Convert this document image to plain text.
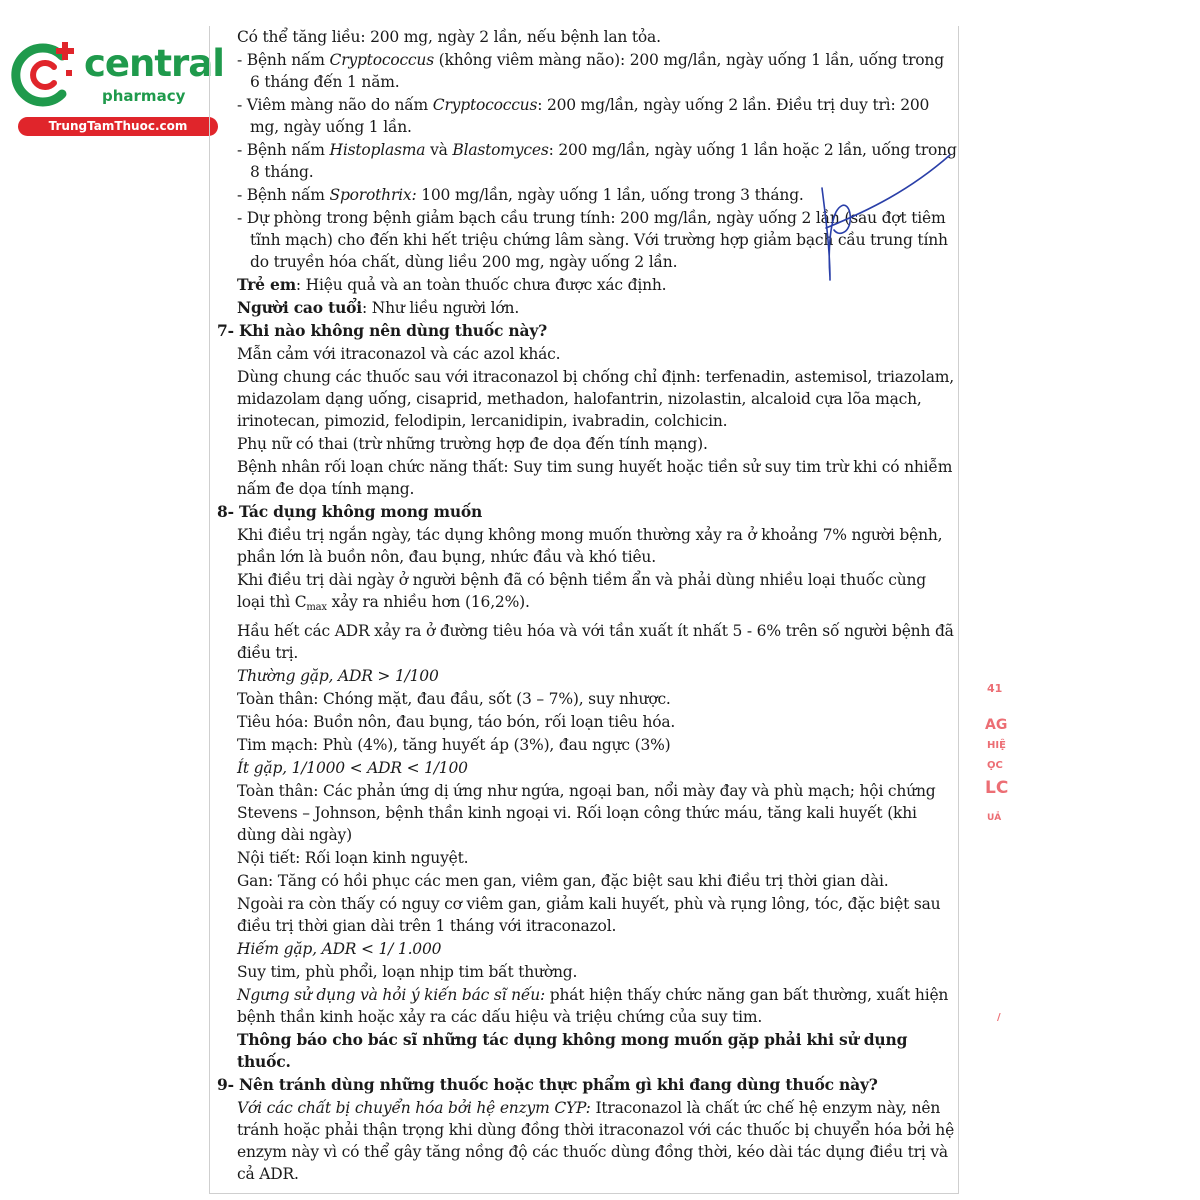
central
pharmacy
TrungTamThuoc.com
Có thể tăng liều: 200 mg, ngày 2 lần, nếu bệnh lan tỏa.
- Bệnh nấm Cryptococcus (không viêm màng não): 200 mg/lần, ngày uống 1 lần, uống trong 6 tháng đến 1 năm.
- Viêm màng não do nấm Cryptococcus: 200 mg/lần, ngày uống 2 lần. Điều trị duy trì: 200 mg, ngày uống 1 lần.
- Bệnh nấm Histoplasma và Blastomyces: 200 mg/lần, ngày uống 1 lần hoặc 2 lần, uống trong 8 tháng.
- Bệnh nấm Sporothrix: 100 mg/lần, ngày uống 1 lần, uống trong 3 tháng.
- Dự phòng trong bệnh giảm bạch cầu trung tính: 200 mg/lần, ngày uống 2 lần (sau đợt tiêm tĩnh mạch) cho đến khi hết triệu chứng lâm sàng. Với trường hợp giảm bạch cầu trung tính do truyền hóa chất, dùng liều 200 mg, ngày uống 2 lần.
Trẻ em: Hiệu quả và an toàn thuốc chưa được xác định.
Người cao tuổi: Như liều người lớn.
7- Khi nào không nên dùng thuốc này?
Mẫn cảm với itraconazol và các azol khác.
Dùng chung các thuốc sau với itraconazol bị chống chỉ định: terfenadin, astemisol, triazolam, midazolam dạng uống, cisaprid, methadon, halofantrin, nizolastin, alcaloid cựa lõa mạch, irinotecan, pimozid, felodipin, lercanidipin, ivabradin, colchicin.
Phụ nữ có thai (trừ những trường hợp đe dọa đến tính mạng).
Bệnh nhân rối loạn chức năng thất: Suy tim sung huyết hoặc tiền sử suy tim trừ khi có nhiễm nấm đe dọa tính mạng.
8- Tác dụng không mong muốn
Khi điều trị ngắn ngày, tác dụng không mong muốn thường xảy ra ở khoảng 7% người bệnh, phần lớn là buồn nôn, đau bụng, nhức đầu và khó tiêu.
Khi điều trị dài ngày ở người bệnh đã có bệnh tiềm ẩn và phải dùng nhiều loại thuốc cùng loại thì $C_{max}$ xảy ra nhiều hơn (16,2%).
Hầu hết các ADR xảy ra ở đường tiêu hóa và với tần xuất ít nhất 5 - 6% trên số người bệnh đã điều trị.
Thường gặp, ADR > 1/100
Toàn thân: Chóng mặt, đau đầu, sốt (3 – 7%), suy nhược.
Tiêu hóa: Buồn nôn, đau bụng, táo bón, rối loạn tiêu hóa.
Tim mạch: Phù (4%), tăng huyết áp (3%), đau ngực (3%)
Ít gặp, 1/1000 < ADR < 1/100
Toàn thân: Các phản ứng dị ứng như ngứa, ngoại ban, nổi mày đay và phù mạch; hội chứng Stevens – Johnson, bệnh thần kinh ngoại vi. Rối loạn công thức máu, tăng kali huyết (khi dùng dài ngày)
Nội tiết: Rối loạn kinh nguyệt.
Gan: Tăng có hồi phục các men gan, viêm gan, đặc biệt sau khi điều trị thời gian dài.
Ngoài ra còn thấy có nguy cơ viêm gan, giảm kali huyết, phù và rụng lông, tóc, đặc biệt sau điều trị thời gian dài trên 1 tháng với itraconazol.
Hiếm gặp, ADR < 1/ 1.000
Suy tim, phù phổi, loạn nhịp tim bất thường.
Ngưng sử dụng và hỏi ý kiến bác sĩ nếu: phát hiện thấy chức năng gan bất thường, xuất hiện bệnh thần kinh hoặc xảy ra các dấu hiệu và triệu chứng của suy tim.
Thông báo cho bác sĩ những tác dụng không mong muốn gặp phải khi sử dụng thuốc.
9- Nên tránh dùng những thuốc hoặc thực phẩm gì khi đang dùng thuốc này?
Với các chất bị chuyển hóa bởi hệ enzym CYP: Itraconazol là chất ức chế hệ enzym này, nên tránh hoặc phải thận trọng khi dùng đồng thời itraconazol với các thuốc bị chuyển hóa bởi hệ enzym này vì có thể gây tăng nồng độ các thuốc dùng đồng thời, kéo dài tác dụng điều trị và cả ADR.
41
AG
HIỆ
ỌC
LC
UẢ
/
